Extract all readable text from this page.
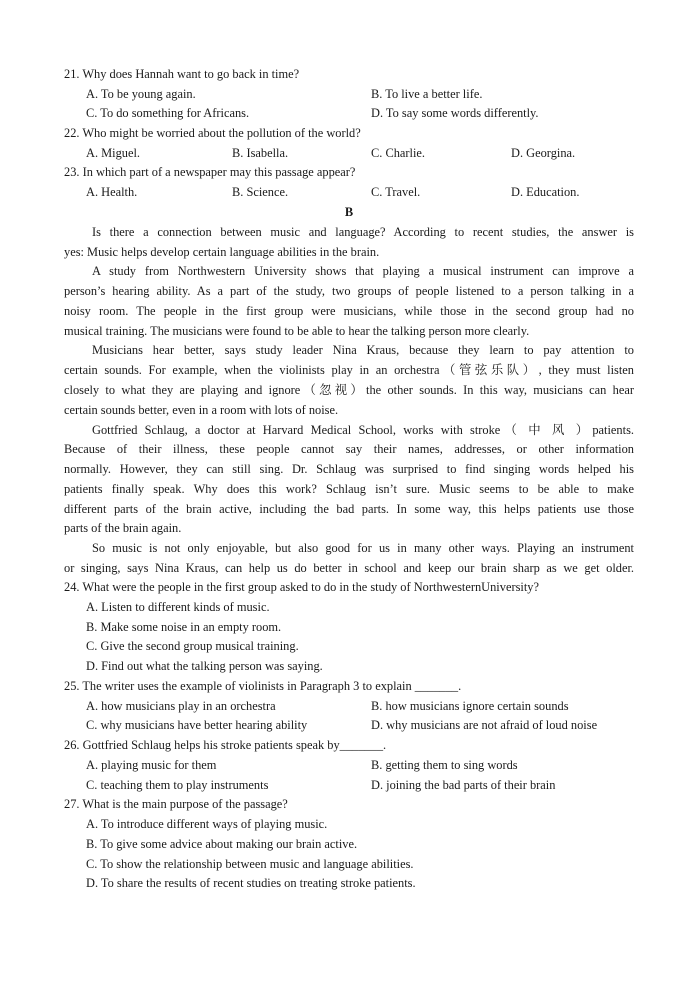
21. Why does Hannah want to go back in time?
A. To be young again.	B. To live a better life.
C. To do something for Africans.	D. To say some words differently.
22. Who might be worried about the pollution of the world?
A. Miguel.	B. Isabella.	C. Charlie.	D. Georgina.
23. In which part of a newspaper may this passage appear?
A. Health.	B. Science.	C. Travel.	D. Education.
B
Is there a connection between music and language? According to recent studies, the answer is
yes: Music helps develop certain language abilities in the brain.
A study from Northwestern University shows that playing a musical instrument can improve a
person’s hearing ability. As a part of the study, two groups of people listened to a person talking in a
noisy room. The people in the first group were musicians, while those in the second group had no
musical training. The musicians were found to be able to hear the talking person more clearly.
Musicians hear better, says study leader Nina Kraus, because they learn to pay attention to
certain sounds. For example, when the violinists play in an orchestra（管弦乐队）, they must listen
closely to what they are playing and ignore（忽视）the other sounds. In this way, musicians can hear
certain sounds better, even in a room with lots of noise.
Gottfried Schlaug, a doctor at Harvard Medical School, works with stroke（ 中 风 ）patients.
Because of their illness, these people cannot say their names, addresses, or other information
normally. However, they can still sing. Dr. Schlaug was surprised to find singing words helped his
patients finally speak. Why does this work? Schlaug isn’t sure. Music seems to be able to make
different parts of the brain active, including the bad parts. In some way, this helps patients use those
parts of the brain again.
So music is not only enjoyable, but also good for us in many other ways. Playing an instrument
or singing, says Nina Kraus, can help us do better in school and keep our brain sharp as we get older.
24. What were the people in the first group asked to do in the study of NorthwesternUniversity?
A. Listen to different kinds of music.
B. Make some noise in an empty room.
C. Give the second group musical training.
D. Find out what the talking person was saying.
25. The writer uses the example of violinists in Paragraph 3 to explain _______.
A. how musicians play in an orchestra	B. how musicians ignore certain sounds
C. why musicians have better hearing ability	D. why musicians are not afraid of loud noise
26. Gottfried Schlaug helps his stroke patients speak by_______.
A. playing music for them	B. getting them to sing words
C. teaching them to play instruments	D. joining the bad parts of their brain
27. What is the main purpose of the passage?
A. To introduce different ways of playing music.
B. To give some advice about making our brain active.
C. To show the relationship between music and language abilities.
D. To share the results of recent studies on treating stroke patients.
